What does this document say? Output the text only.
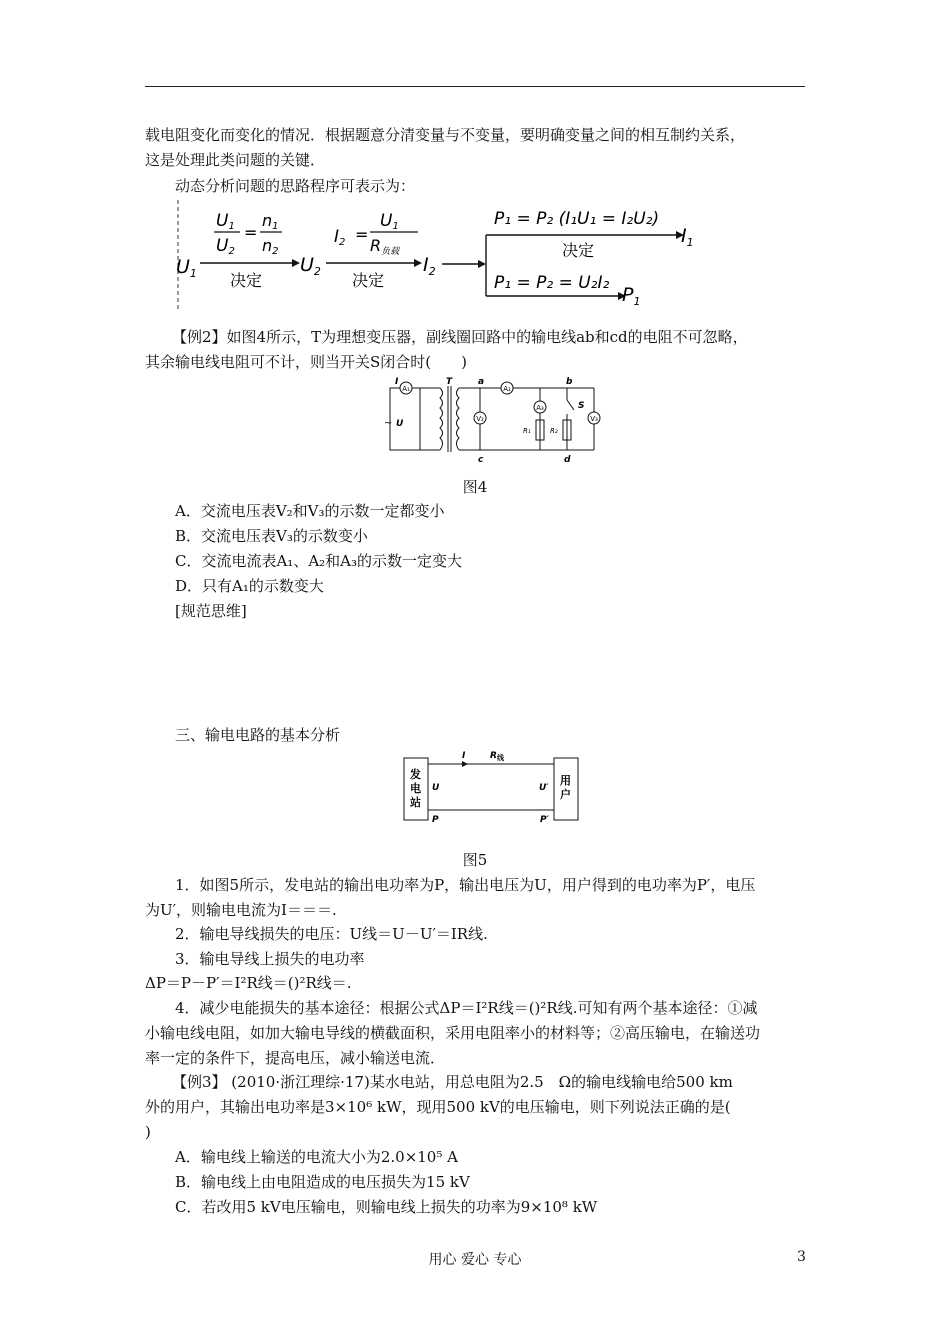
载电阻变化而变化的情况．根据题意分清变量与不变量，要明确变量之间的相互制约关系，
这是处理此类问题的关键．
动态分析问题的思路程序可表示为：
$U_1$
U1
U2
=
n1
n2
决定
$U_2$
I2 =
U1
R负载
决定
$I_2$
P₁ = P₂ (I₁U₁ = I₂U₂)
决定
P₁ = P₂ = U₂I₂
$I_1$
$P_1$
【例2】如图4所示，T为理想变压器，副线圈回路中的输电线ab和cd的电阻不可忽略，
其余输电线电阻可不计，则当开关S闭合时(　　)
A₁	A₂
V₂
A₃
V₃
I	T	a	b
S
U
c	d
R₁	R₂
~
图4
A．交流电压表V₂和V₃的示数一定都变小
B．交流电压表V₃的示数变小
C．交流电流表A₁、A₂和A₃的示数一定变大
D．只有A₁的示数变大
[规范思维]
三、输电电路的基本分析
发电站
用户
I	$R_线$
U	U′
P	P′
图5
1．如图5所示，发电站的输出电功率为P，输出电压为U，用户得到的电功率为P′，电压
为U′，则输电电流为I＝＝＝.
2．输电导线损失的电压：U线＝U－U′＝IR线.
3．输电导线上损失的电功率
ΔP＝P－P′＝I²R线＝()²R线＝.
4．减少电能损失的基本途径：根据公式ΔP＝I²R线＝()²R线.可知有两个基本途径：①减
小输电线电阻，如加大输电导线的横截面积，采用电阻率小的材料等；②高压输电，在输送功
率一定的条件下，提高电压，减小输送电流．
【例3】 (2010·浙江理综·17)某水电站，用总电阻为2.5　Ω的输电线输电给500 km
外的用户，其输出电功率是3×10⁶ kW，现用500 kV的电压输电，则下列说法正确的是(
)
A．输电线上输送的电流大小为2.0×10⁵ A
B．输电线上由电阻造成的电压损失为15 kV
C．若改用5 kV电压输电，则输电线上损失的功率为9×10⁸ kW
用心 爱心 专心	3
